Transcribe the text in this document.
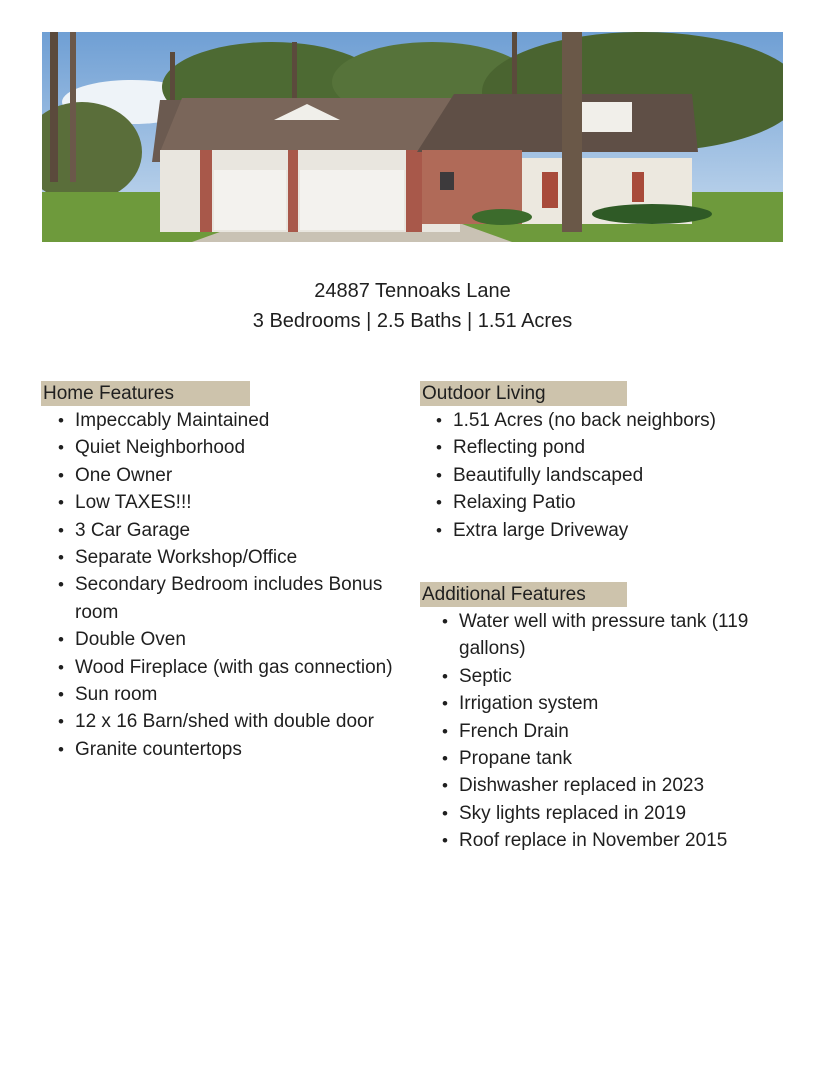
24887 Tennoaks Lane
3 Bedrooms | 2.5 Baths | 1.51 Acres
Home Features
• Impeccably Maintained
• Quiet Neighborhood
• One Owner
• Low TAXES!!!
• 3 Car Garage
• Separate Workshop/Office
• Secondary Bedroom includes Bonus room
• Double Oven
• Wood Fireplace (with gas connection)
• Sun room
• 12 x 16 Barn/shed with double door
• Granite countertops
Outdoor Living
• 1.51 Acres (no back neighbors)
• Reflecting pond
• Beautifully landscaped
• Relaxing Patio
• Extra large Driveway
Additional Features
• Water well with pressure tank (119 gallons)
• Septic
• Irrigation system
• French Drain
• Propane tank
• Dishwasher replaced in 2023
• Sky lights replaced in 2019
• Roof replace in November 2015
